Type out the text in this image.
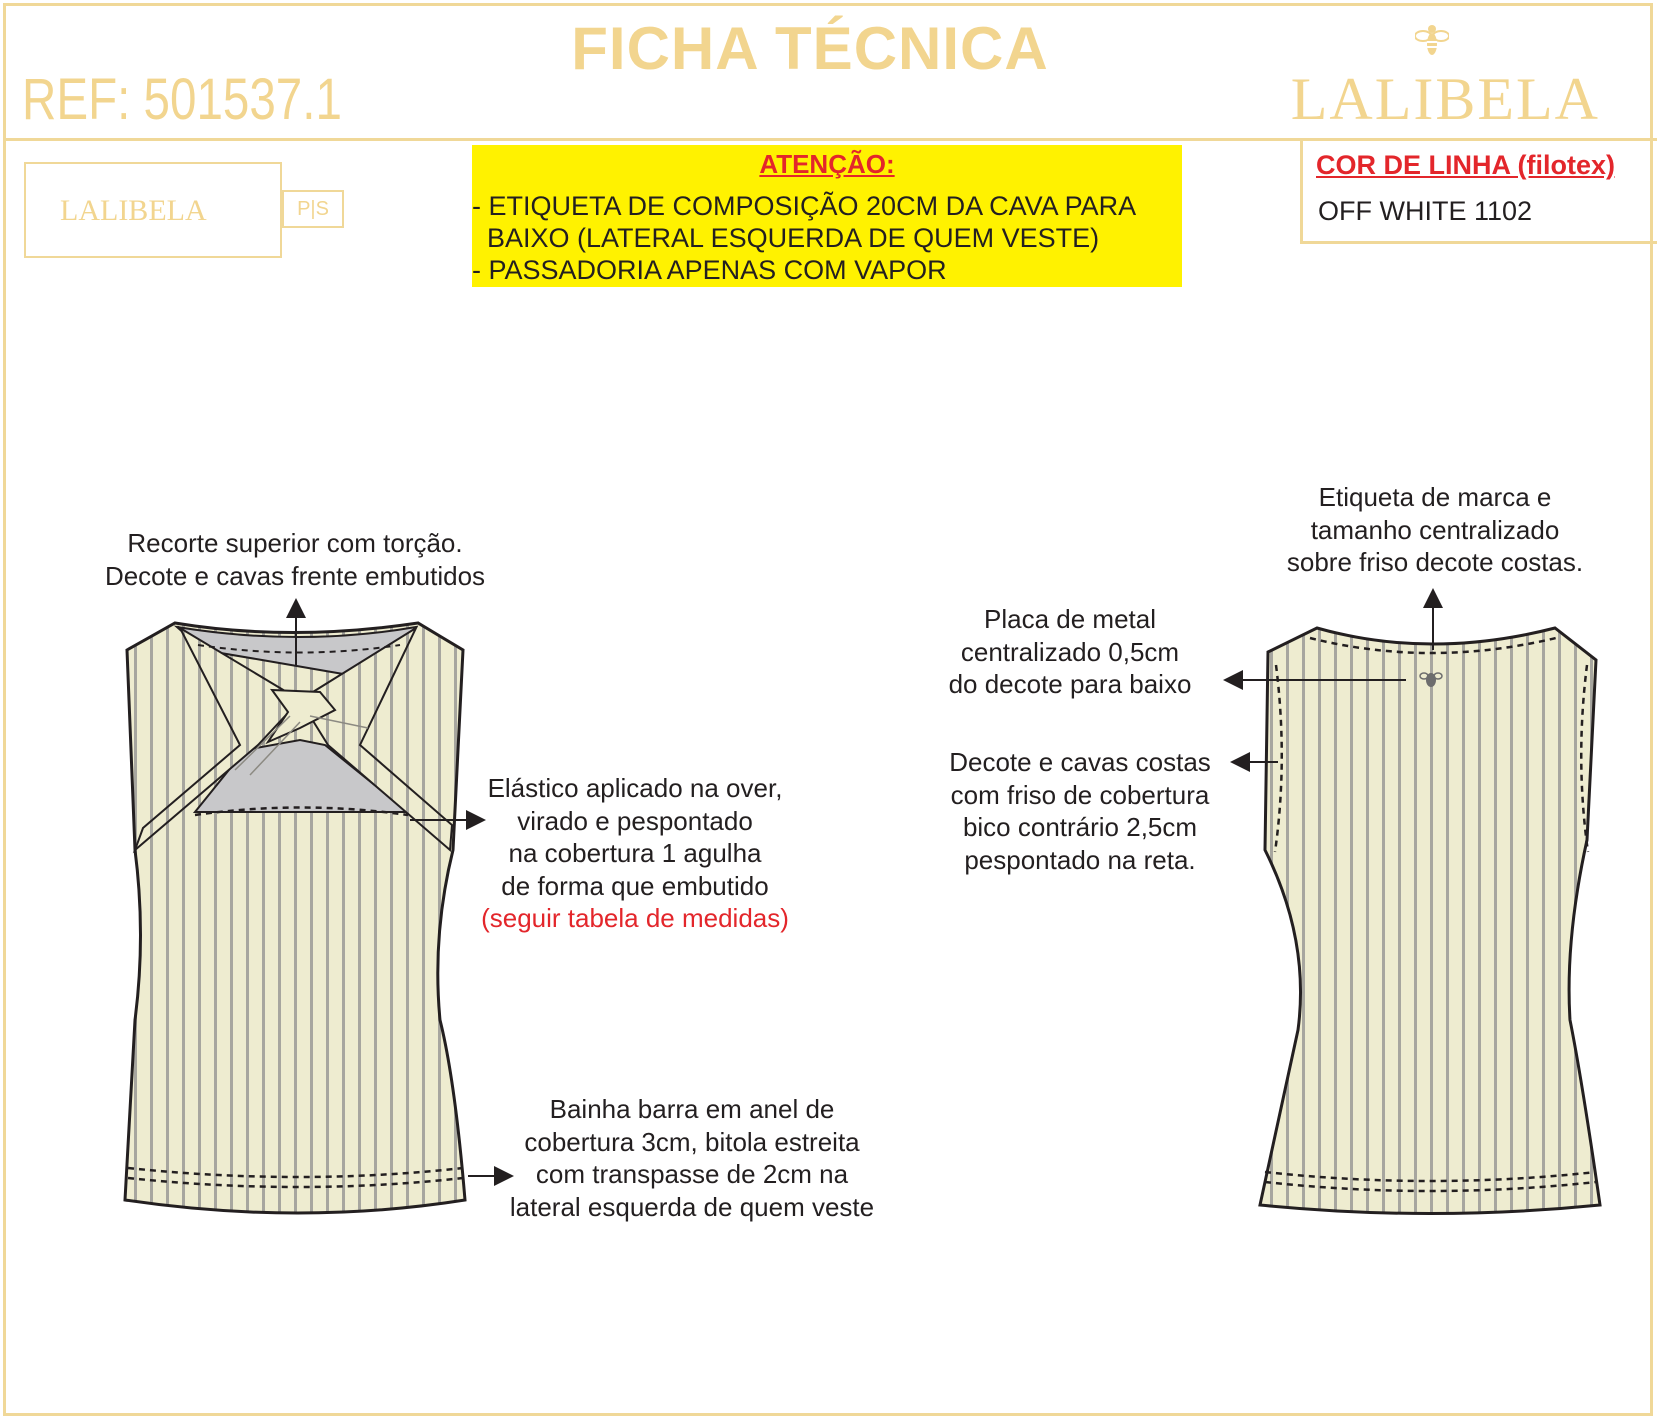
FICHA TÉCNICA
REF: 501537.1	LALIBELA
LALIBELA	P|S
ATENÇÃO:
- ETIQUETA DE COMPOSIÇÃO 20CM DA CAVA PARA
BAIXO (LATERAL ESQUERDA DE QUEM VESTE)
- PASSADORIA APENAS COM VAPOR
COR DE LINHA (filotex)
OFF WHITE 1102
Recorte superior com torção.
Decote e cavas frente embutidos
Elástico aplicado na over,
virado e pespontado
na cobertura 1 agulha
de forma que embutido
(seguir tabela de medidas)
Bainha barra em anel de
cobertura 3cm, bitola estreita
com transpasse de 2cm na
lateral esquerda de quem veste
Etiqueta de marca e
tamanho centralizado
sobre friso decote costas.
Placa de metal
centralizado 0,5cm
do decote para baixo
Decote e cavas costas
com friso de cobertura
bico contrário 2,5cm
pespontado na reta.
